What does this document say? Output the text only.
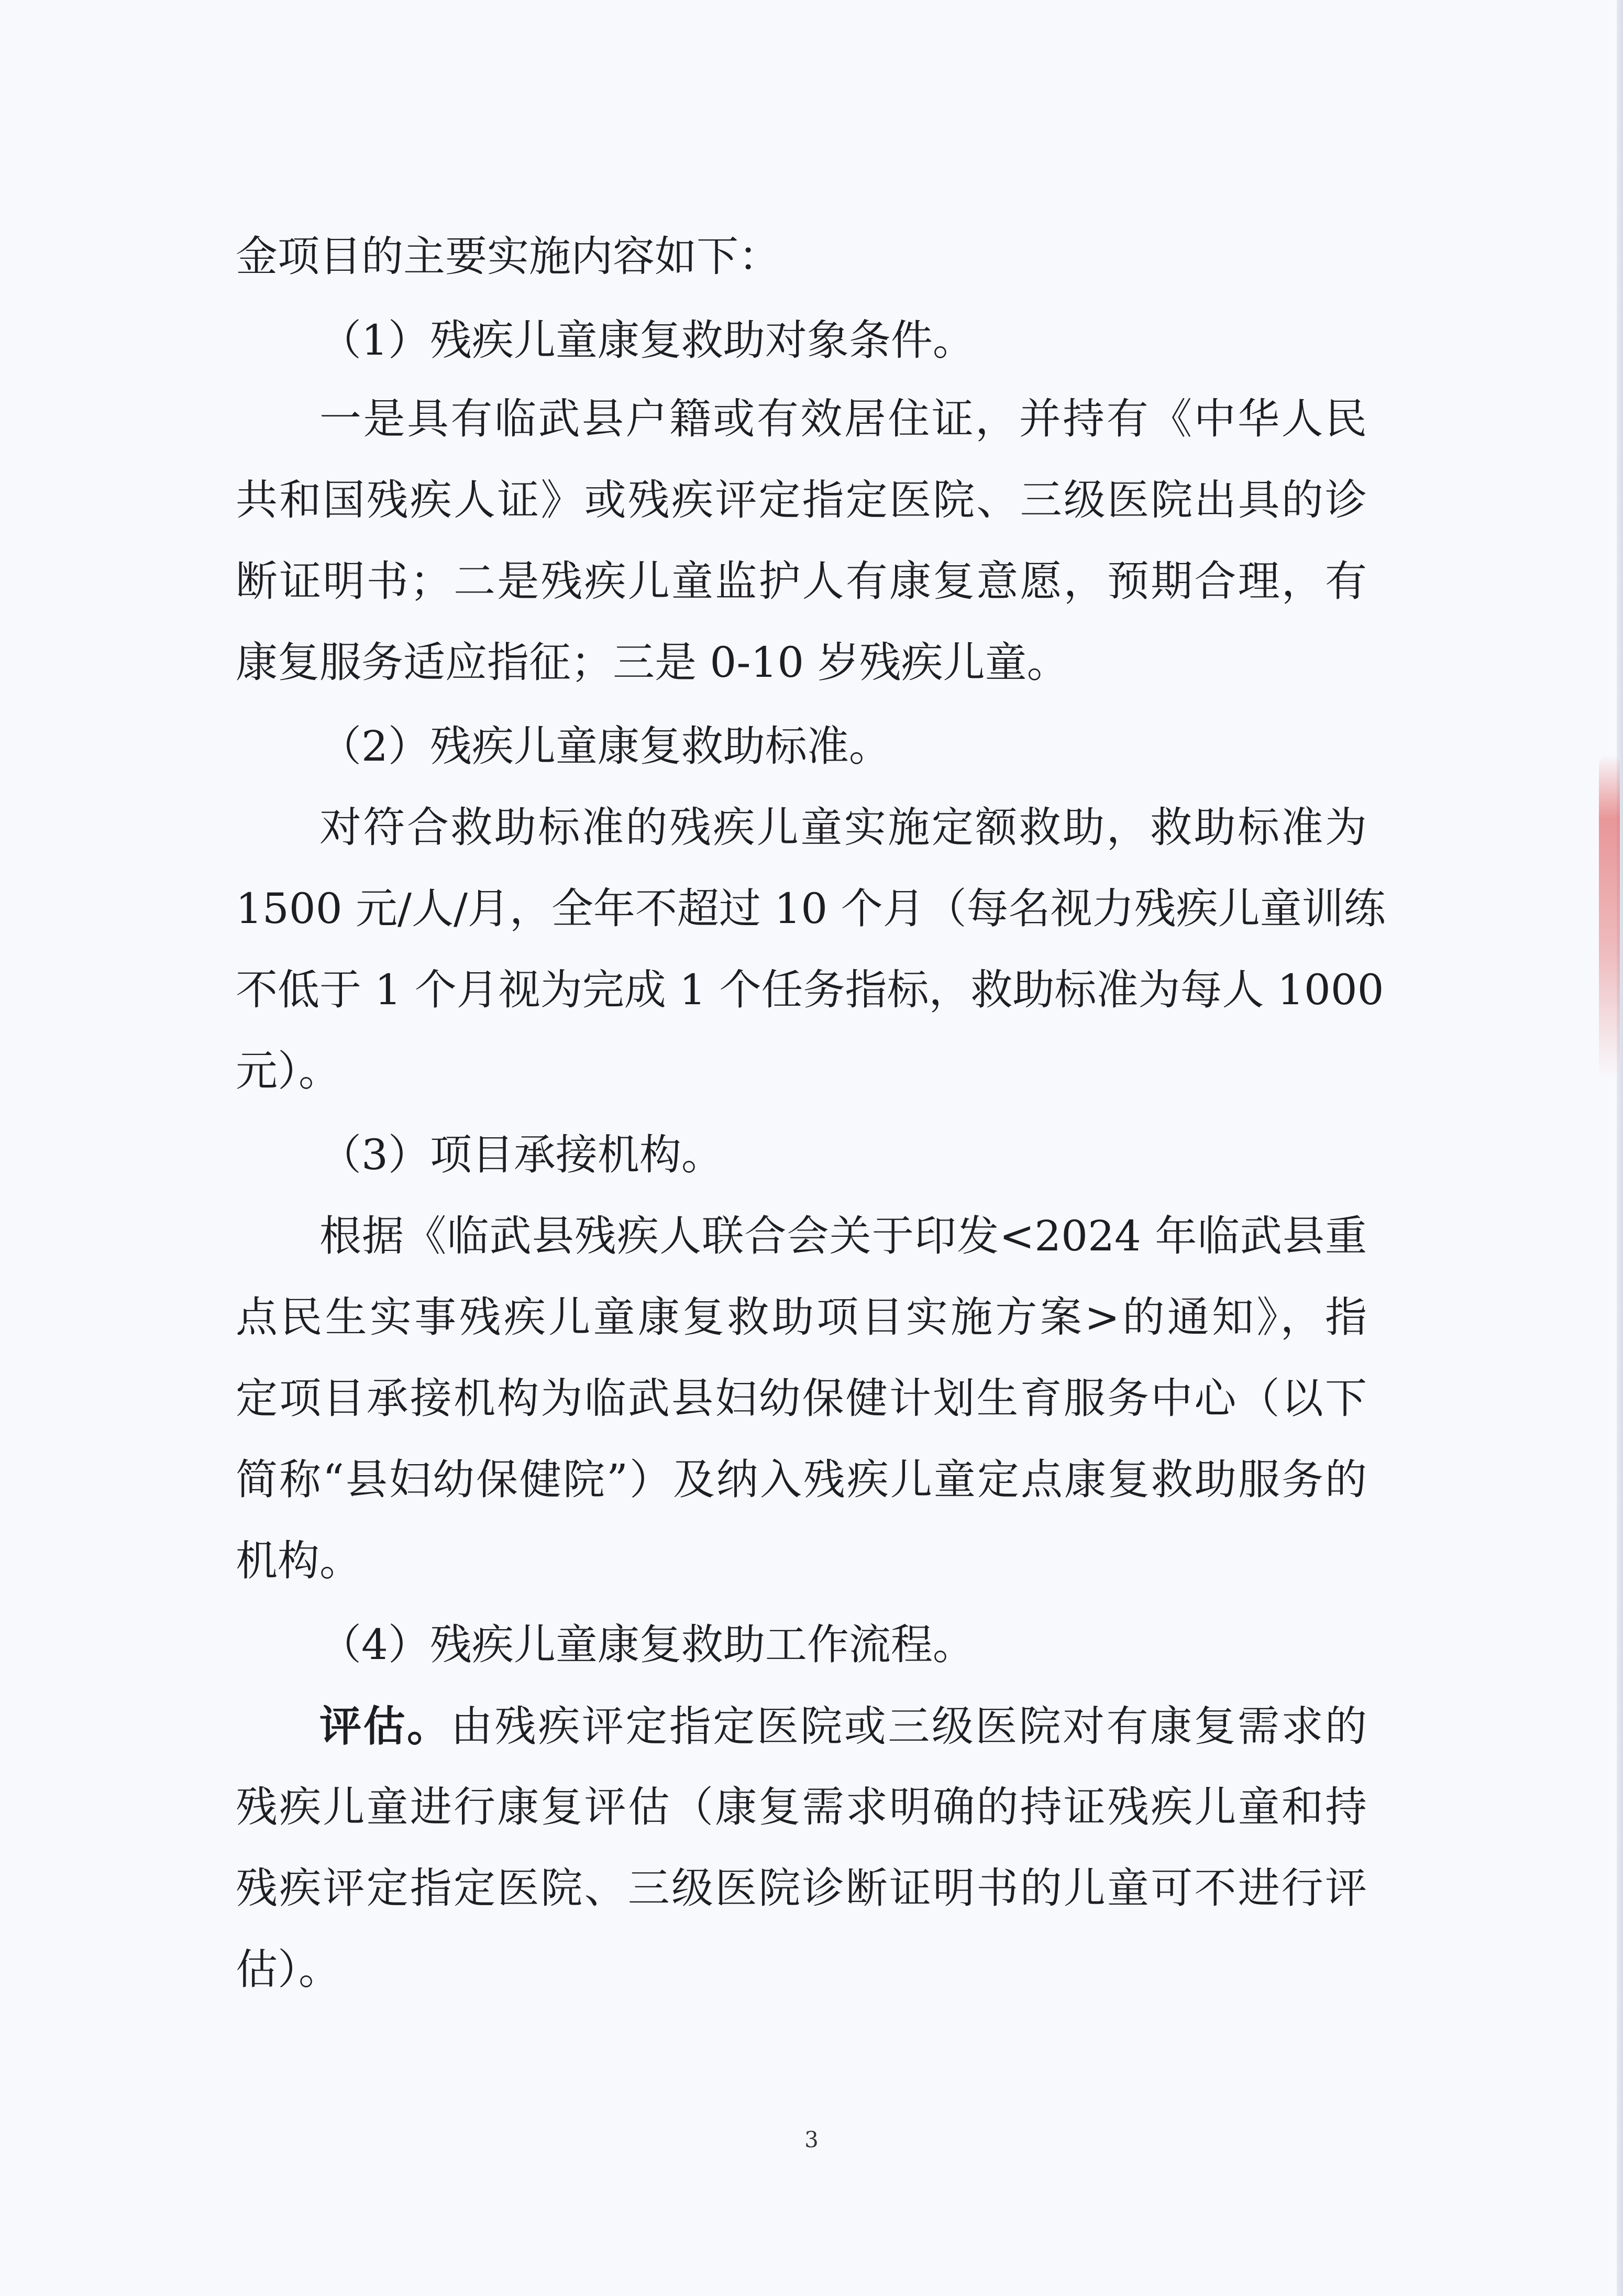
金项目的主要实施内容如下：
（1）残疾儿童康复救助对象条件。
一是具有临武县户籍或有效居住证，并持有《中华人民
共和国残疾人证》或残疾评定指定医院、三级医院出具的诊
断证明书；二是残疾儿童监护人有康复意愿，预期合理，有
康复服务适应指征；三是 0-10 岁残疾儿童。
（2）残疾儿童康复救助标准。
对符合救助标准的残疾儿童实施定额救助，救助标准为
1500 元/人/月，全年不超过 10 个月（每名视力残疾儿童训练
不低于 1 个月视为完成 1 个任务指标，救助标准为每人 1000
元）。
（3）项目承接机构。
根据《临武县残疾人联合会关于印发<2024 年临武县重
点民生实事残疾儿童康复救助项目实施方案>的通知》，指
定项目承接机构为临武县妇幼保健计划生育服务中心（以下
简称“县妇幼保健院”）及纳入残疾儿童定点康复救助服务的
机构。
（4）残疾儿童康复救助工作流程。
评估。由残疾评定指定医院或三级医院对有康复需求的
残疾儿童进行康复评估（康复需求明确的持证残疾儿童和持
残疾评定指定医院、三级医院诊断证明书的儿童可不进行评
估）。
3
